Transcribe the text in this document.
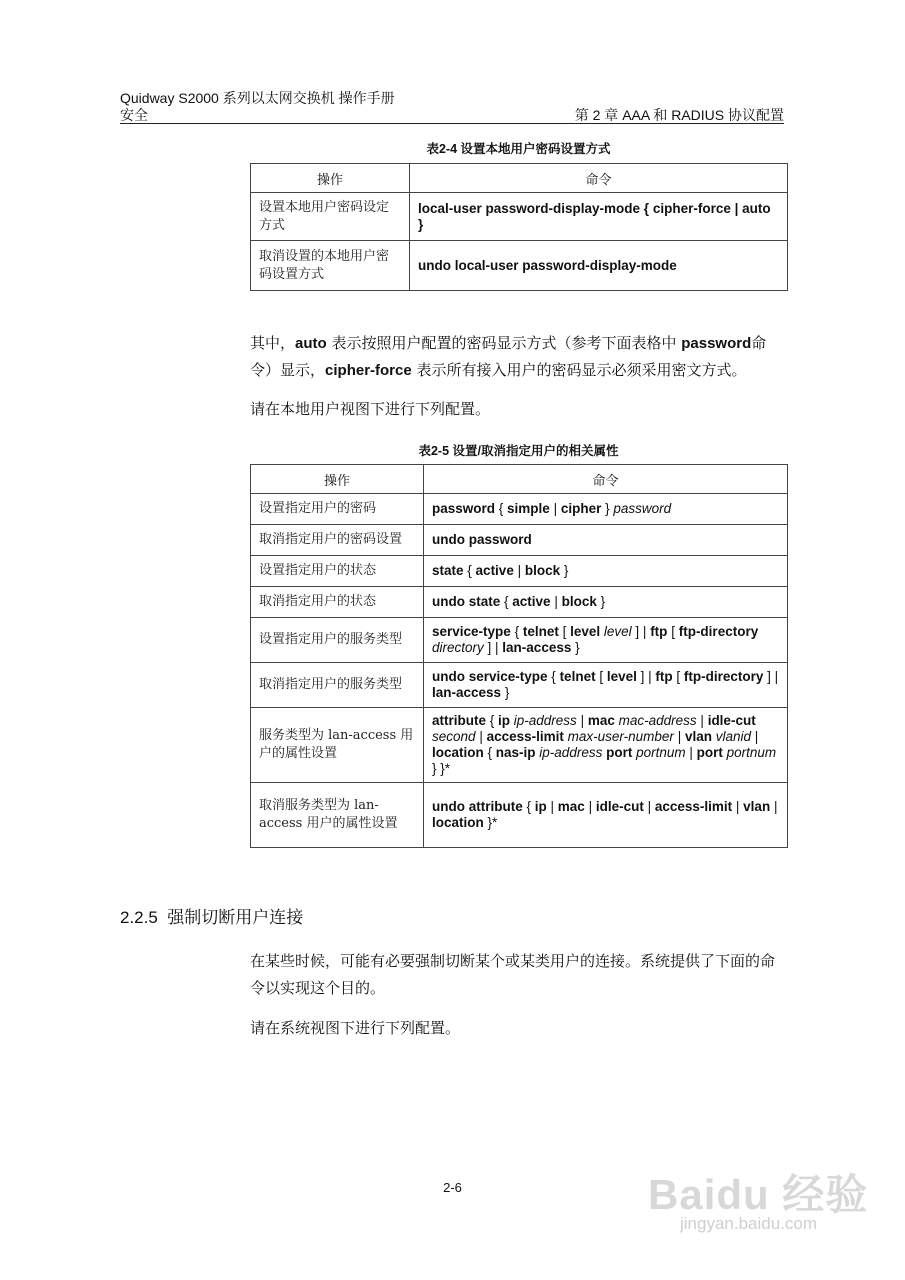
Quidway S2000 系列以太网交换机 操作手册
安全	第 2 章 AAA 和 RADIUS 协议配置
表2-4 设置本地用户密码设置方式
操作	命令
设置本地用户密码设定方式	local-user password-display-mode { cipher-force | auto }
取消设置的本地用户密码设置方式	undo local-user password-display-mode
其中，auto 表示按照用户配置的密码显示方式（参考下面表格中 password命令）显示，cipher-force 表示所有接入用户的密码显示必须采用密文方式。
请在本地用户视图下进行下列配置。
表2-5 设置/取消指定用户的相关属性
操作	命令
设置指定用户的密码	password { simple | cipher } password
取消指定用户的密码设置	undo password
设置指定用户的状态	state { active | block }
取消指定用户的状态	undo state { active | block }
设置指定用户的服务类型	service-type { telnet [ level level ] | ftp [ ftp-directory directory ] | lan-access }
取消指定用户的服务类型	undo service-type { telnet [ level ] | ftp [ ftp-directory ] | lan-access }
服务类型为 lan-access 用户的属性设置	attribute { ip ip-address | mac mac-address | idle-cut second | access-limit max-user-number | vlan vlanid | location { nas-ip ip-address port portnum | port portnum } }*
取消服务类型为 lan-access 用户的属性设置	undo attribute { ip | mac | idle-cut | access-limit | vlan | location }*
2.2.5 强制切断用户连接
在某些时候，可能有必要强制切断某个或某类用户的连接。系统提供了下面的命令以实现这个目的。
请在系统视图下进行下列配置。
2-6	Baidu 经验
jingyan.baidu.com
